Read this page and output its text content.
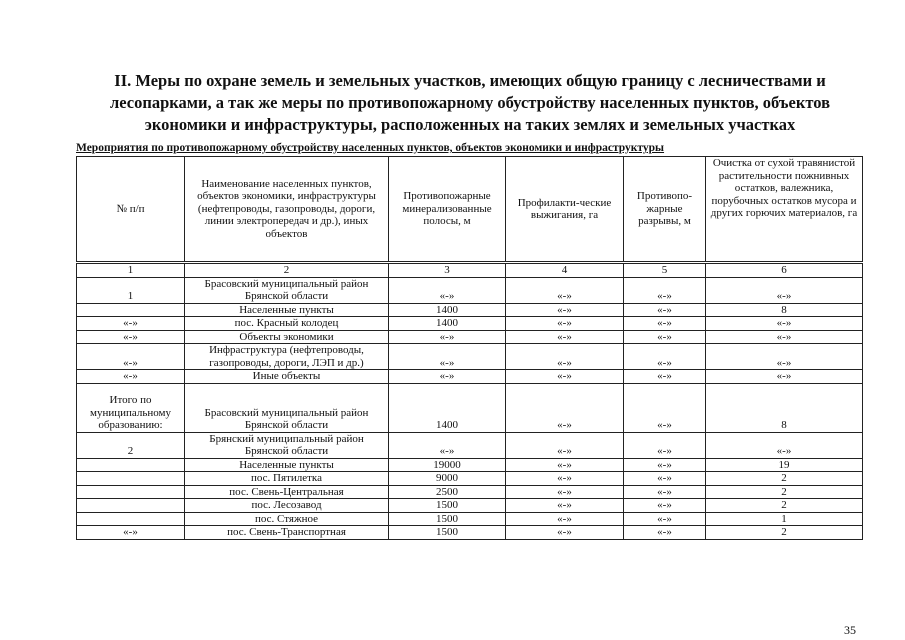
II. Меры по охране земель и земельных участков, имеющих общую границу с лесничествами и
лесопарками, а так же меры по противопожарному обустройству населенных пунктов, объектов
экономики и инфраструктуры, расположенных на таких землях и земельных участках
Мероприятия по противопожарному обустройству населенных пунктов, объектов экономики и инфраструктуры
№ п/п	Наименование населенных пунктов, объектов экономики, инфраструктуры (нефтепроводы, газопроводы, дороги, линии электропередач и др.), иных объектов	Противопожарные минерализованные полосы, м	Профилакти-ческие выжигания, га	Противопо-жарные разрывы, м	Очистка от сухой травянистой растительности пожнивных остатков, валежника, порубочных остатков мусора и других горючих материалов, га
1	2	3	4	5	6
1	Брасовский муниципальный район Брянской области	«-»	«-»	«-»	«-»
	Населенные пункты	1400	«-»	«-»	8
«-»	пос. Красный колодец	1400	«-»	«-»	«-»
«-»	Объекты экономики	«-»	«-»	«-»	«-»
«-»	Инфраструктура (нефтепроводы, газопроводы, дороги, ЛЭП и др.)	«-»	«-»	«-»	«-»
«-»	Иные объекты	«-»	«-»	«-»	«-»
Итого по муниципальному образованию:	Брасовский муниципальный район Брянской области	1400	«-»	«-»	8
2	Брянский муниципальный район Брянской области	«-»	«-»	«-»	«-»
	Населенные пункты	19000	«-»	«-»	19
	пос. Пятилетка	9000	«-»	«-»	2
	пос. Свень-Центральная	2500	«-»	«-»	2
	пос. Лесозавод	1500	«-»	«-»	2
	пос. Стяжное	1500	«-»	«-»	1
«-»	пос. Свень-Транспортная	1500	«-»	«-»	2
35
